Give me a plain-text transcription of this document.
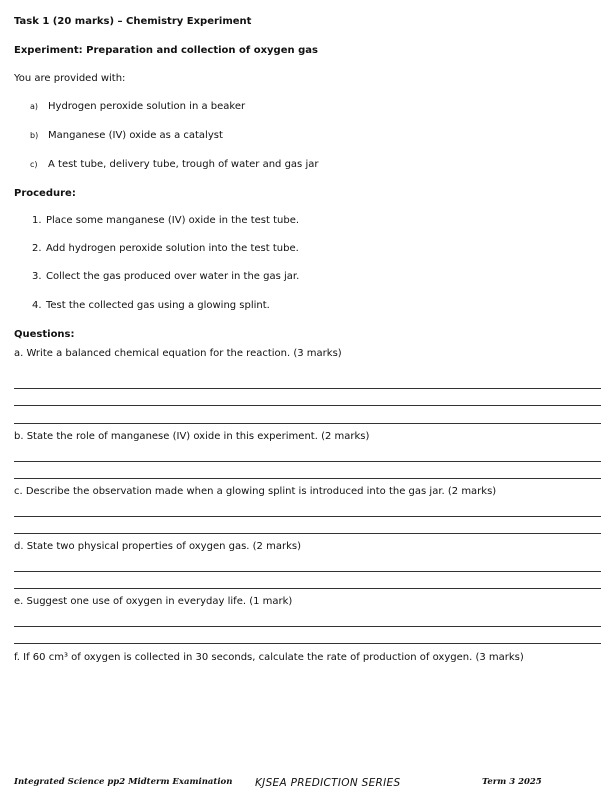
Task 1 (20 marks) – Chemistry Experiment
Experiment: Preparation and collection of oxygen gas
You are provided with:
a) Hydrogen peroxide solution in a beaker
b) Manganese (IV) oxide as a catalyst
c) A test tube, delivery tube, trough of water and gas jar
Procedure:
1. Place some manganese (IV) oxide in the test tube.
2. Add hydrogen peroxide solution into the test tube.
3. Collect the gas produced over water in the gas jar.
4. Test the collected gas using a glowing splint.
Questions:
a. Write a balanced chemical equation for the reaction. (3 marks)
b. State the role of manganese (IV) oxide in this experiment. (2 marks)
c. Describe the observation made when a glowing splint is introduced into the gas jar. (2 marks)
d. State two physical properties of oxygen gas. (2 marks)
e. Suggest one use of oxygen in everyday life. (1 mark)
f. If 60 cm³ of oxygen is collected in 30 seconds, calculate the rate of production of oxygen. (3 marks)
Integrated Science pp2 Midterm Examination KJSEA PREDICTION SERIES	Term 3 2025
